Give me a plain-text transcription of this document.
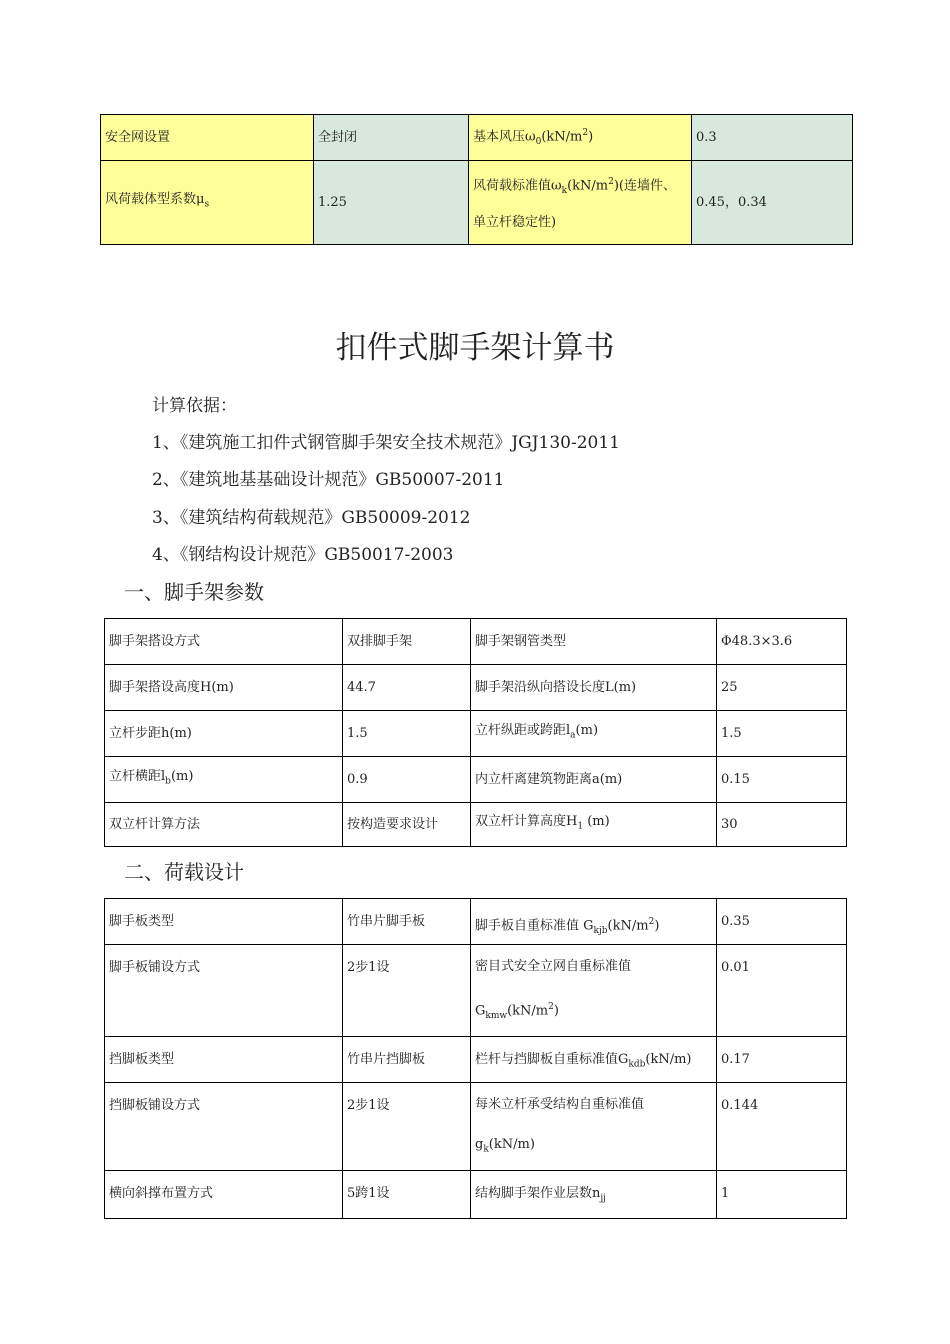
安全网设置	全封闭	基本风压$\omega_0(kN/m^2)$	0.3
风荷载体型系数$\mu_s$	1.25	风荷载标准值$\omega_k(kN/m^2)$(连墙件、
单立杆稳定性)	0.45，0.34
扣件式脚手架计算书
计算依据：
1、《建筑施工扣件式钢管脚手架安全技术规范》JGJ130-2011
2、《建筑地基基础设计规范》GB50007-2011
3、《建筑结构荷载规范》GB50009-2012
4、《钢结构设计规范》GB50017-2003
一、脚手架参数
脚手架搭设方式	双排脚手架	脚手架钢管类型	Φ48.3×3.6
脚手架搭设高度H(m)	44.7	脚手架沿纵向搭设长度L(m)	25
立杆步距h(m)	1.5	立杆纵距或跨距$l_a(m)$	1.5
立杆横距$l_b(m)$	0.9	内立杆离建筑物距离a(m)	0.15
双立杆计算方法	按构造要求设计	双立杆计算高度$H_1$ (m)	30
二、荷载设计
脚手板类型	竹串片脚手板	脚手板自重标准值 $G_{kjb}(kN/m^2)$	0.35
脚手板铺设方式	2步1设	密目式安全立网自重标准值
$G_{kmw}(kN/m^2)$	0.01
挡脚板类型	竹串片挡脚板	栏杆与挡脚板自重标准值$G_{kdb}(kN/m)$	0.17
挡脚板铺设方式	2步1设	每米立杆承受结构自重标准值
$g_k(kN/m)$	0.144
横向斜撑布置方式	5跨1设	结构脚手架作业层数$n_{jj}$	1
